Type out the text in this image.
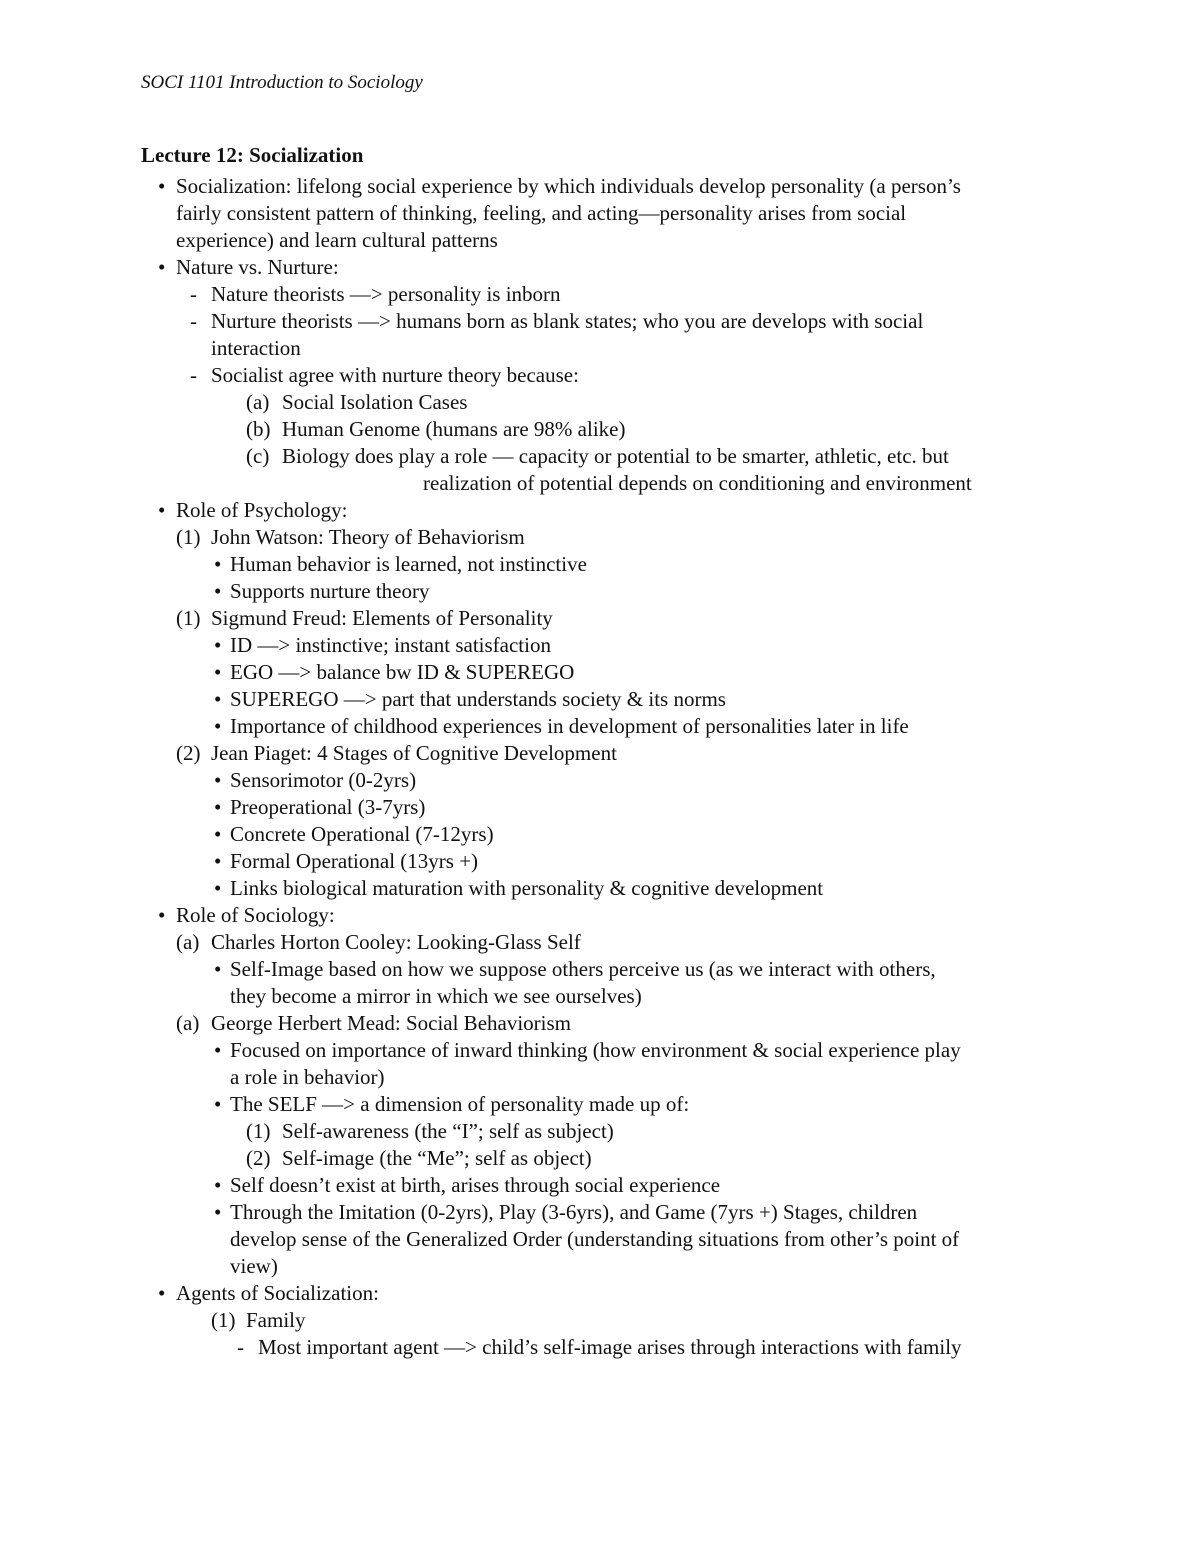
SOCI 1101 Introduction to Sociology
Lecture 12: Socialization
• Socialization: lifelong social experience by which individuals develop personality (a person’s
fairly consistent pattern of thinking, feeling, and acting—personality arises from social
experience) and learn cultural patterns
• Nature vs. Nurture:
- Nature theorists —> personality is inborn
- Nurture theorists —> humans born as blank states; who you are develops with social
interaction
- Socialist agree with nurture theory because:
(a) Social Isolation Cases
(b) Human Genome (humans are 98% alike)
(c) Biology does play a role — capacity or potential to be smarter, athletic, etc. but
realization of potential depends on conditioning and environment
• Role of Psychology:
(1) John Watson: Theory of Behaviorism
• Human behavior is learned, not instinctive
• Supports nurture theory
(1) Sigmund Freud: Elements of Personality
• ID —> instinctive; instant satisfaction
• EGO —> balance bw ID & SUPEREGO
• SUPEREGO —> part that understands society & its norms
• Importance of childhood experiences in development of personalities later in life
(2) Jean Piaget: 4 Stages of Cognitive Development
• Sensorimotor (0-2yrs)
• Preoperational (3-7yrs)
• Concrete Operational (7-12yrs)
• Formal Operational (13yrs +)
• Links biological maturation with personality & cognitive development
• Role of Sociology:
(a) Charles Horton Cooley: Looking-Glass Self
• Self-Image based on how we suppose others perceive us (as we interact with others,
they become a mirror in which we see ourselves)
(a) George Herbert Mead: Social Behaviorism
• Focused on importance of inward thinking (how environment & social experience play
a role in behavior)
• The SELF —> a dimension of personality made up of:
(1) Self-awareness (the “I”; self as subject)
(2) Self-image (the “Me”; self as object)
• Self doesn’t exist at birth, arises through social experience
• Through the Imitation (0-2yrs), Play (3-6yrs), and Game (7yrs +) Stages, children
develop sense of the Generalized Order (understanding situations from other’s point of
view)
• Agents of Socialization:
(1) Family
- Most important agent —> child’s self-image arises through interactions with family
